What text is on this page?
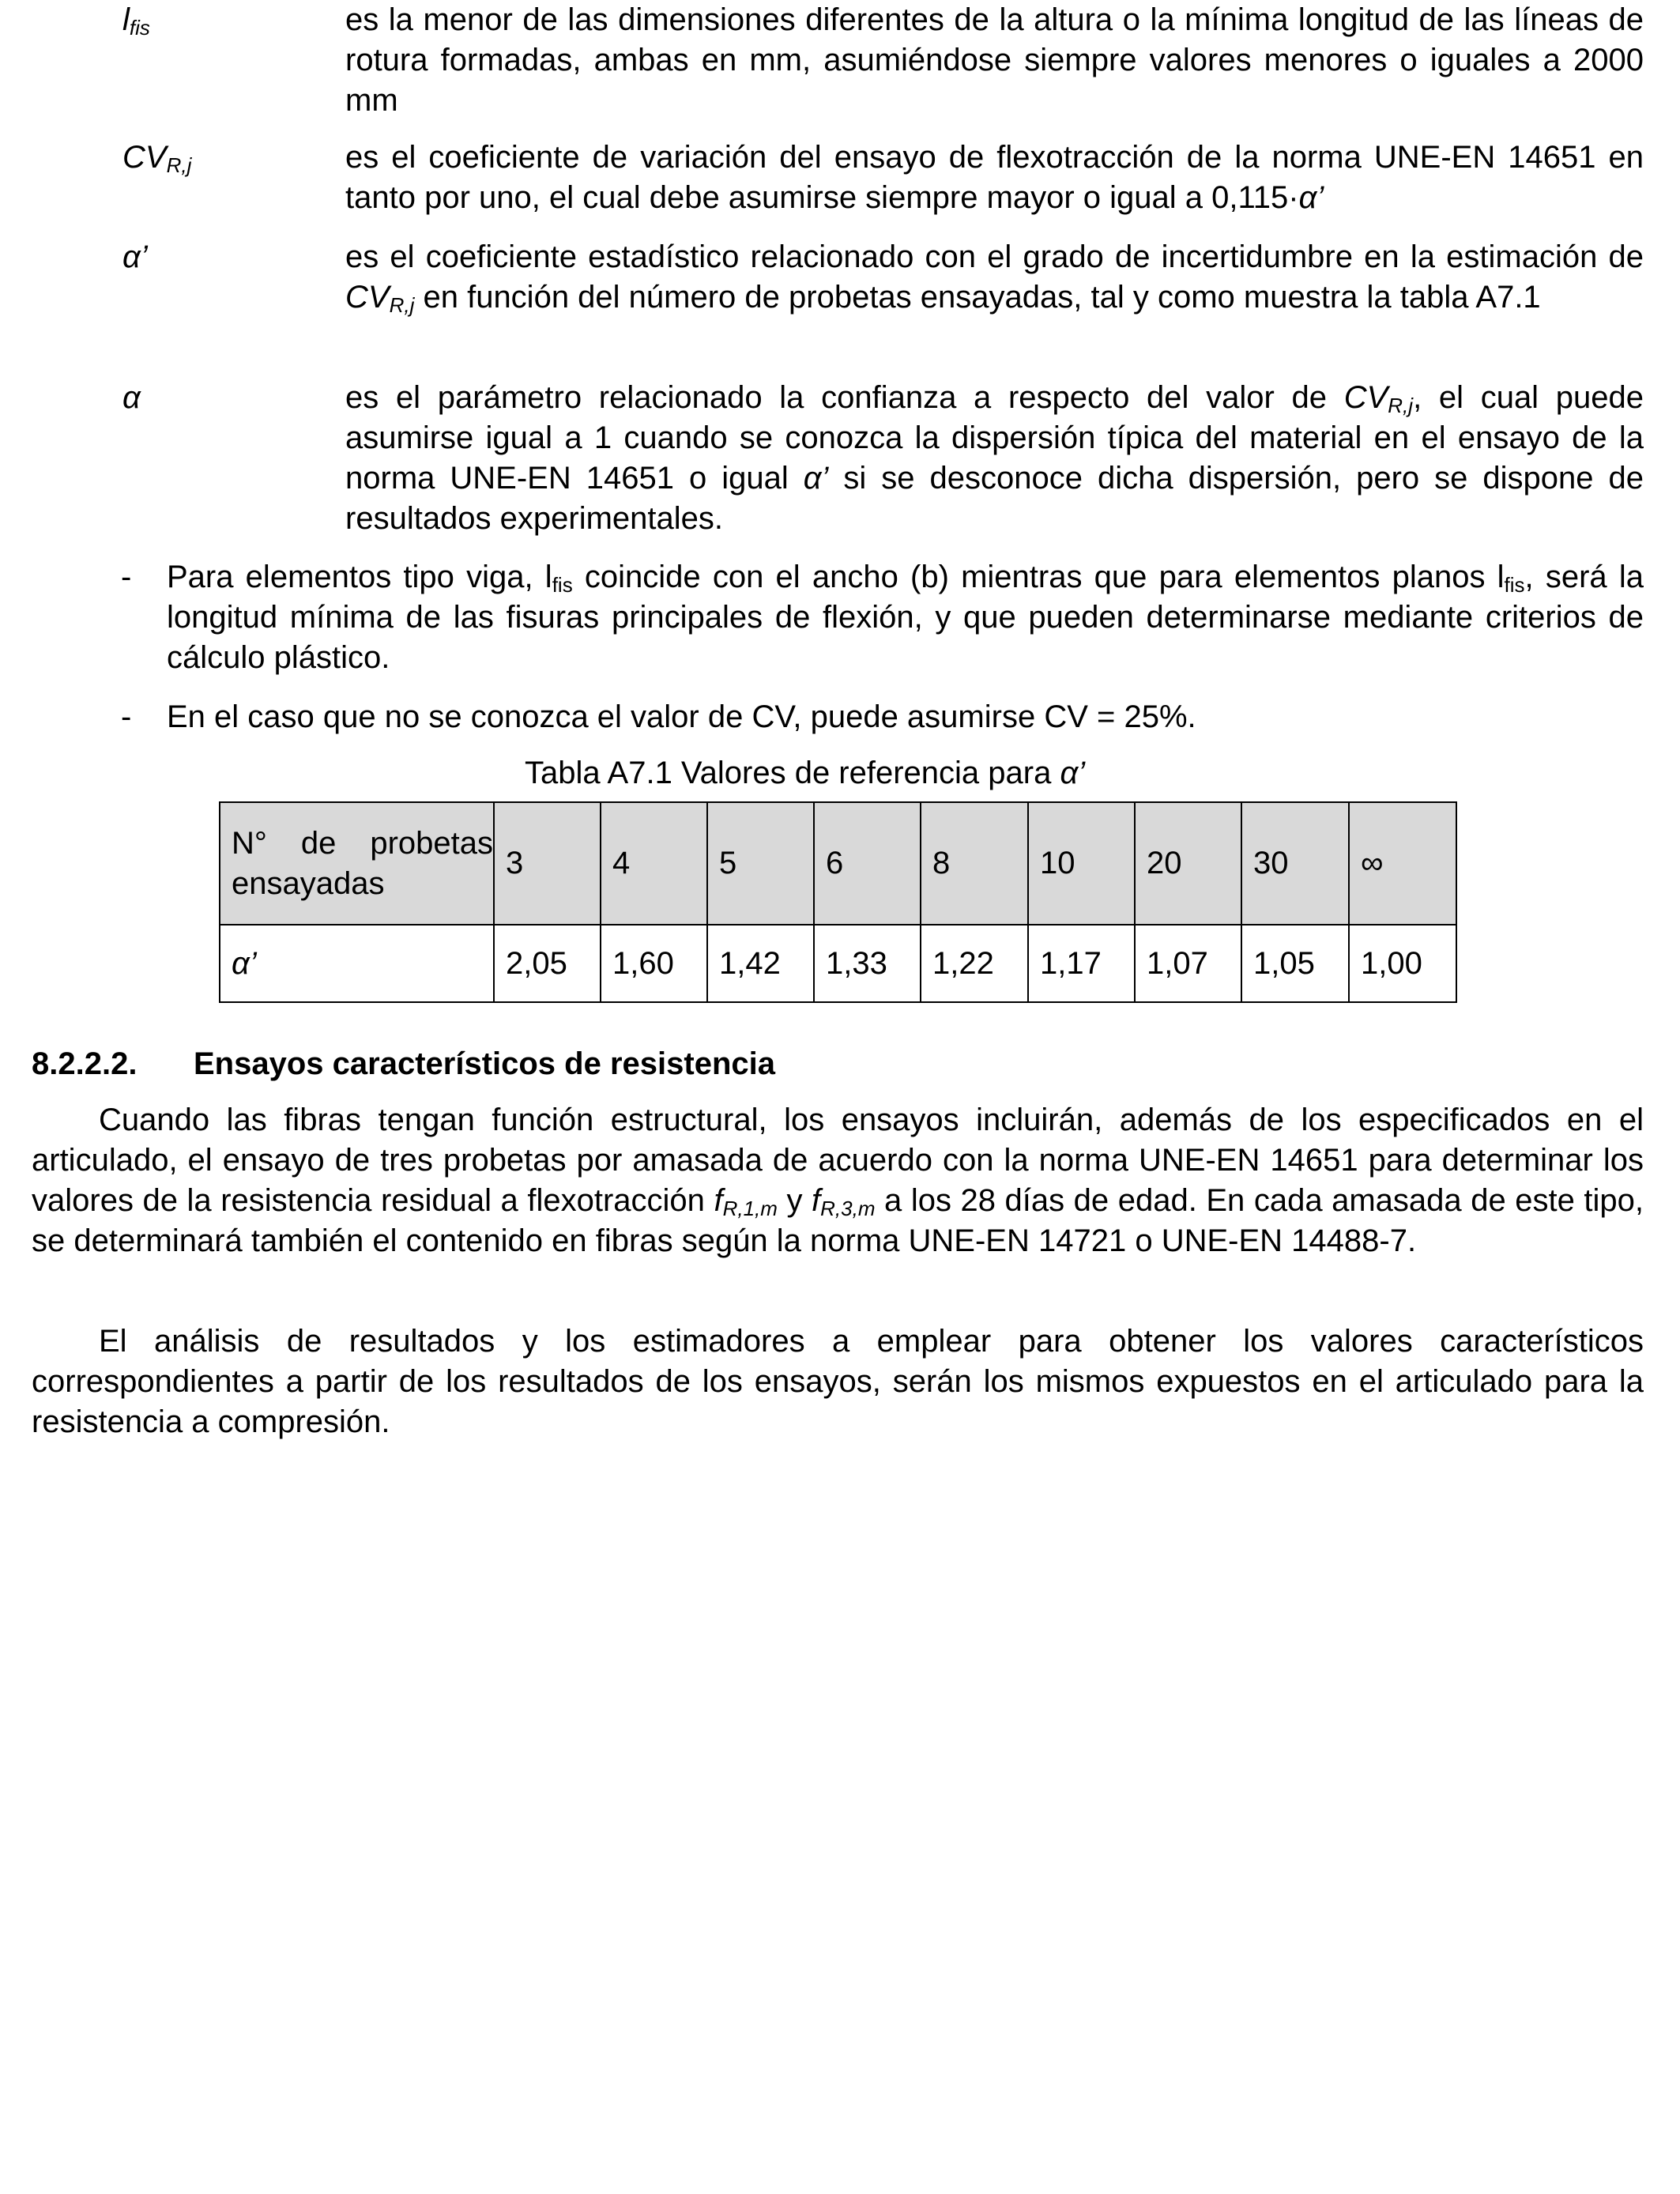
$l_{fis}$	es la menor de las dimensiones diferentes de la altura o la mínima longitud de las líneas de rotura formadas, ambas en mm, asumiéndose siempre valores menores o iguales a 2000 mm
$CV_{R,j}$	es el coeficiente de variación del ensayo de flexotracción de la norma UNE-EN 14651 en tanto por uno, el cual debe asumirse siempre mayor o igual a 0,115·α’
α’	es el coeficiente estadístico relacionado con el grado de incertidumbre en la estimación de $CV_{R,j}$ en función del número de probetas ensayadas, tal y como muestra la tabla A7.1
α	es el parámetro relacionado la confianza a respecto del valor de $CV_{R,j}$, el cual puede asumirse igual a 1 cuando se conozca la dispersión típica del material en el ensayo de la norma UNE-EN 14651 o igual α’ si se desconoce dicha dispersión, pero se dispone de resultados experimentales.
- Para elementos tipo viga, $l_{fis}$ coincide con el ancho (b) mientras que para elementos planos $l_{fis}$, será la longitud mínima de las fisuras principales de flexión, y que pueden determinarse mediante criterios de cálculo plástico.
- En el caso que no se conozca el valor de CV, puede asumirse CV = 25%.
Tabla A7.1 Valores de referencia para α’
N° de probetas ensayadas	3	4	5	6	8	10	20	30	∞
α’	2,05	1,60	1,42	1,33	1,22	1,17	1,07	1,05	1,00
8.2.2.2. Ensayos característicos de resistencia
Cuando las fibras tengan función estructural, los ensayos incluirán, además de los especificados en el articulado, el ensayo de tres probetas por amasada de acuerdo con la norma UNE-EN 14651 para determinar los valores de la resistencia residual a flexotracción $f_{R,1,m}$ y $f_{R,3,m}$ a los 28 días de edad. En cada amasada de este tipo, se determinará también el contenido en fibras según la norma UNE-EN 14721 o UNE-EN 14488-7.
El análisis de resultados y los estimadores a emplear para obtener los valores característicos correspondientes a partir de los resultados de los ensayos, serán los mismos expuestos en el articulado para la resistencia a compresión.
